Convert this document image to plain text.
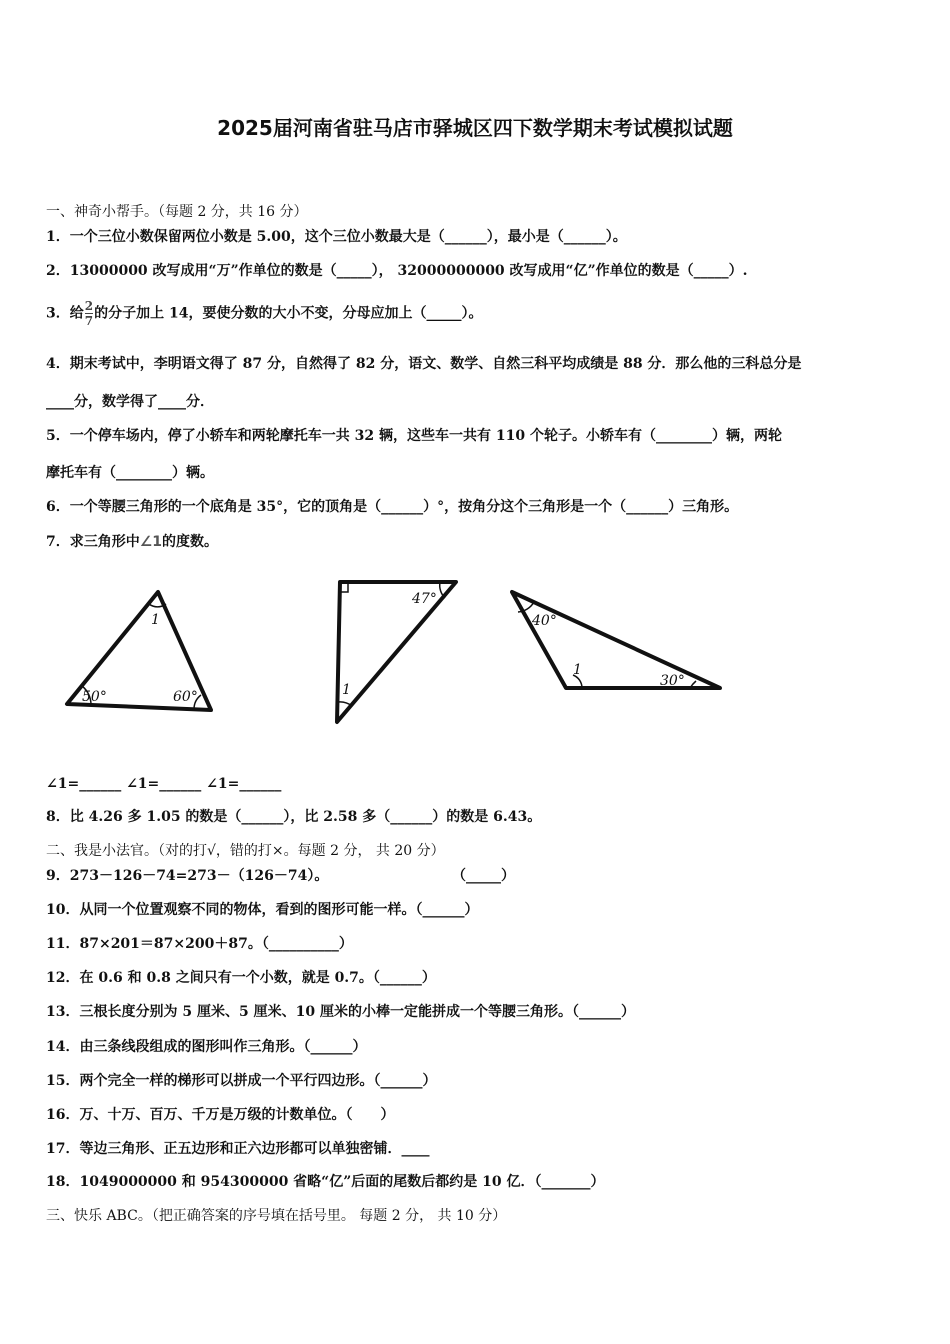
2025届河南省驻马店市驿城区四下数学期末考试模拟试题
一、神奇小帮手。（每题 2 分，共 16 分）
1．一个三位小数保留两位小数是 5.00，这个三位小数最大是（______），最小是（______）。
2．13000000 改写成用“万”作单位的数是（_____）， 32000000000 改写成用“亿”作单位的数是（_____）.
3．给 $\frac{2}{7}$ 的分子加上 14，要使分数的大小不变，分母应加上（_____）。
4．期末考试中，李明语文得了 87 分，自然得了 82 分，语文、数学、自然三科平均成绩是 88 分．那么他的三科总分是
____分，数学得了____分．
5．一个停车场内，停了小轿车和两轮摩托车一共 32 辆，这些车一共有 110 个轮子。小轿车有（________）辆，两轮
摩托车有（________）辆。
6．一个等腰三角形的一个底角是 35°，它的顶角是（______）°，按角分这个三角形是一个（______）三角形。
7．求三角形中∠1的度数。
1
50°	60°
47°
1
40°
1
30°
∠1=______ ∠1=______ ∠1=______
8．比 4.26 多 1.05 的数是（______），比 2.58 多（______）的数是 6.43。
二、我是小法官。（对的打√，错的打×。每题 2 分， 共 20 分）
9．273－126－74=273－（126－74）。	（_____）
10．从同一个位置观察不同的物体，看到的图形可能一样。（______）
11．87×201＝87×200＋87。（__________）
12．在 0.6 和 0.8 之间只有一个小数，就是 0.7。（______）
13．三根长度分别为 5 厘米、5 厘米、10 厘米的小棒一定能拼成一个等腰三角形。（______）
14．由三条线段组成的图形叫作三角形。（______）
15．两个完全一样的梯形可以拼成一个平行四边形。（______）
16．万、十万、百万、千万是万级的计数单位。（　　）
17．等边三角形、正五边形和正六边形都可以单独密铺．____
18．1049000000 和 954300000 省略“亿”后面的尾数后都约是 10 亿．（_______）
三、快乐 ABC。（把正确答案的序号填在括号里。 每题 2 分， 共 10 分）
